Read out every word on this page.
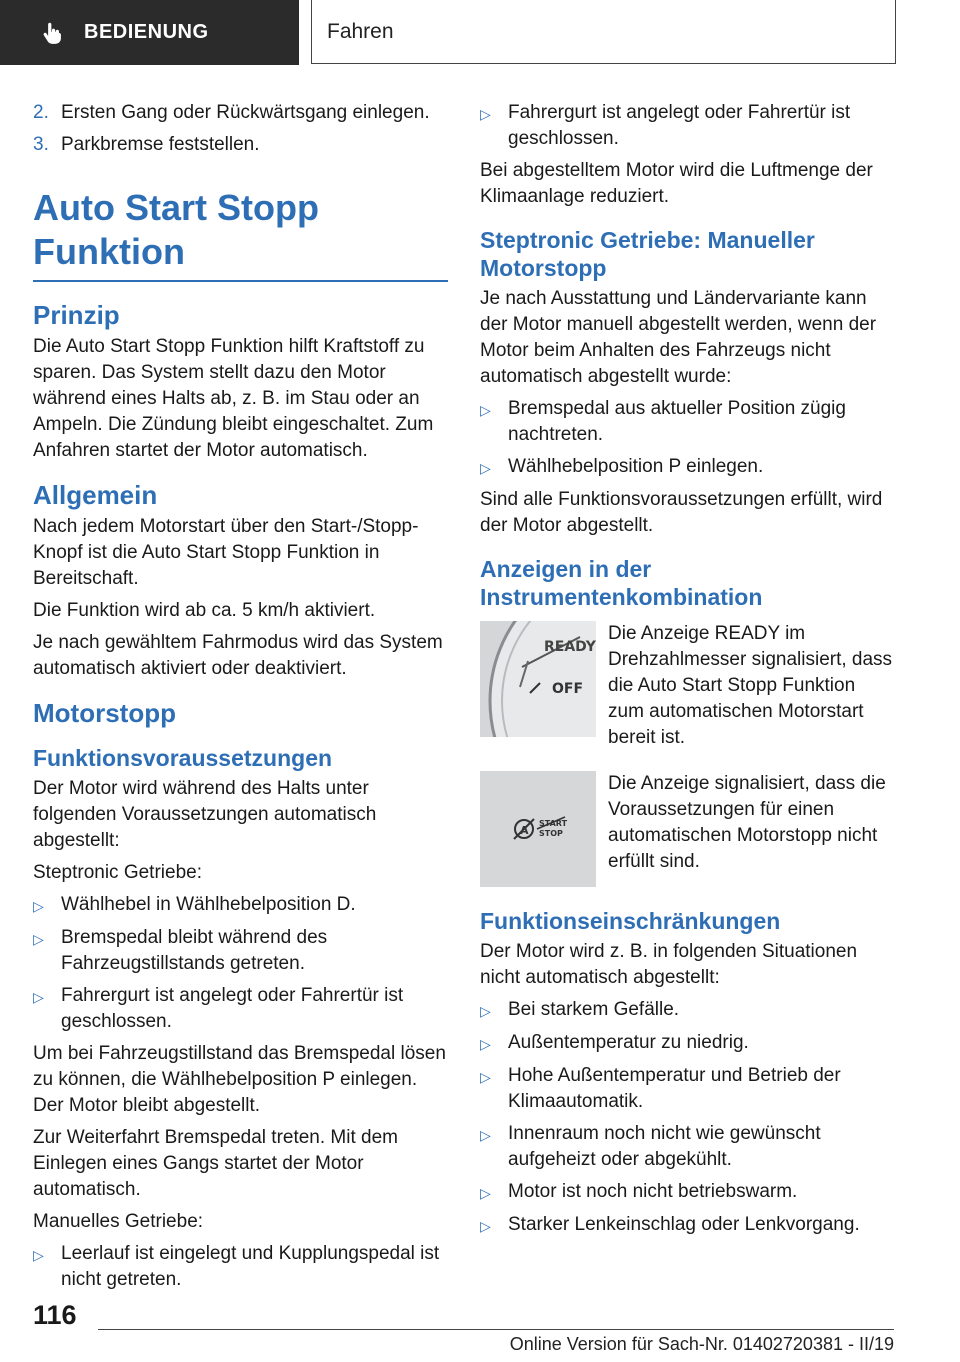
BEDIENUNG	Fahren
2. Ersten Gang oder Rückwärtsgang einlegen.
3. Parkbremse feststellen.
Auto Start Stopp Funktion
Prinzip

Die Auto Start Stopp Funktion hilft Kraftstoff zu sparen. Das System stellt dazu den Motor während eines Halts ab, z. B. im Stau oder an Ampeln. Die Zündung bleibt eingeschaltet. Zum Anfahren startet der Motor automatisch.

Allgemein

Nach jedem Motorstart über den Start-/Stopp-Knopf ist die Auto Start Stopp Funktion in Bereitschaft.

Die Funktion wird ab ca. 5 km/h aktiviert.

Je nach gewähltem Fahrmodus wird das System automatisch aktiviert oder deaktiviert.

Motorstopp
Funktionsvoraussetzungen

Der Motor wird während des Halts unter folgenden Voraussetzungen automatisch abgestellt:

Steptronic Getriebe:

▷ Wählhebel in Wählhebelposition D.
▷ Bremspedal bleibt während des Fahrzeugstillstands getreten.
▷ Fahrergurt ist angelegt oder Fahrertür ist geschlossen.

Um bei Fahrzeugstillstand das Bremspedal lösen zu können, die Wählhebelposition P einlegen. Der Motor bleibt abgestellt.

Zur Weiterfahrt Bremspedal treten. Mit dem Einlegen eines Gangs startet der Motor automatisch.

Manuelles Getriebe:

▷ Leerlauf ist eingelegt und Kupplungspedal ist nicht getreten.
▷ Fahrergurt ist angelegt oder Fahrertür ist geschlossen.

Bei abgestelltem Motor wird die Luftmenge der Klimaanlage reduziert.

Steptronic Getriebe: Manueller Motorstopp

Je nach Ausstattung und Ländervariante kann der Motor manuell abgestellt werden, wenn der Motor beim Anhalten des Fahrzeugs nicht automatisch abgestellt wurde:

▷ Bremspedal aus aktueller Position zügig nachtreten.
▷ Wählhebelposition P einlegen.

Sind alle Funktionsvoraussetzungen erfüllt, wird der Motor abgestellt.

Anzeigen in der Instrumentenkombination
READY
OFF
Die Anzeige READY im Drehzahlmesser signalisiert, dass die Auto Start Stopp Funktion zum automatischen Motorstart bereit ist.
A
START
STOP
Die Anzeige signalisiert, dass die Voraussetzungen für einen automatischen Motorstopp nicht erfüllt sind.
Funktionseinschränkungen

Der Motor wird z. B. in folgenden Situationen nicht automatisch abgestellt:

▷ Bei starkem Gefälle.
▷ Außentemperatur zu niedrig.
▷ Hohe Außentemperatur und Betrieb der Klimaautomatik.
▷ Innenraum noch nicht wie gewünscht aufgeheizt oder abgekühlt.
▷ Motor ist noch nicht betriebswarm.
▷ Starker Lenkeinschlag oder Lenkvorgang.
116
Online Version für Sach-Nr. 01402720381 - II/19
